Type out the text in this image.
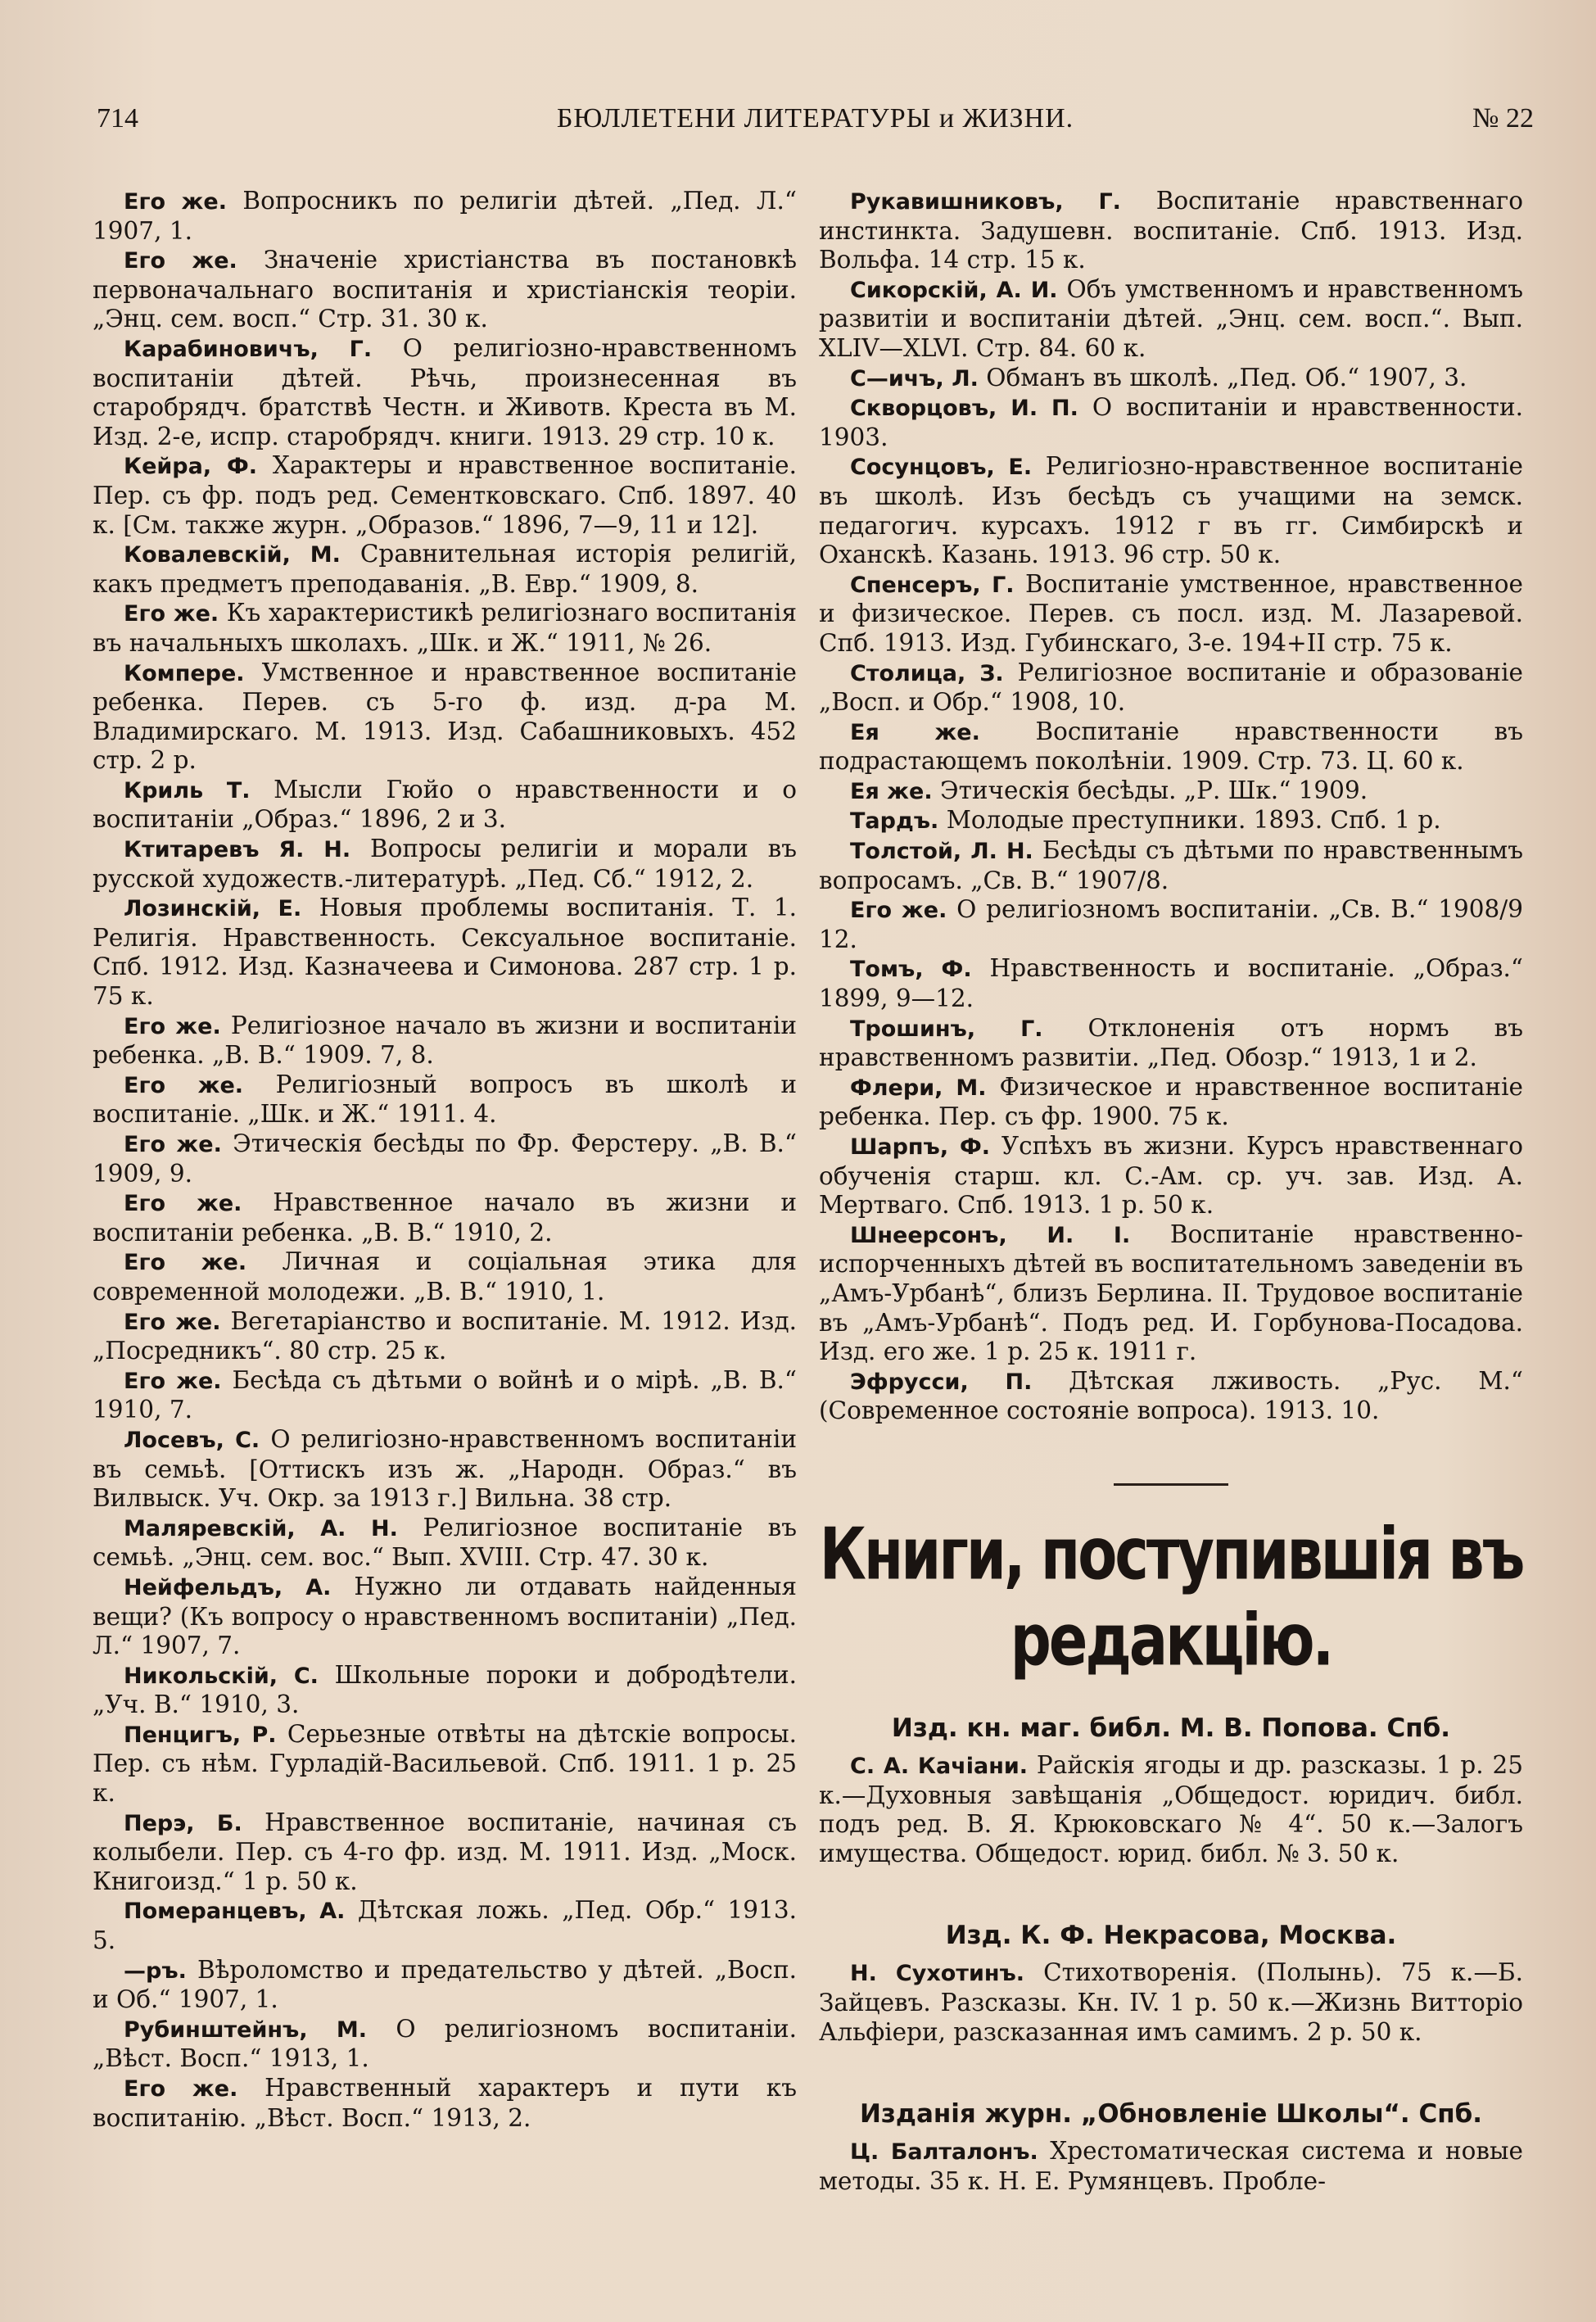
714	БЮЛЛЕТЕНИ ЛИТЕРАТУРЫ и ЖИЗНИ.	№ 22

Его же. Вопросникъ по религіи дѣтей. „Пед. Л.“ 1907, 1.

Его же. Значеніе христіанства въ постановкѣ первоначальнаго воспитанія и христіанскія теоріи. „Энц. сем. восп.“ Стр. 31. 30 к.

Карабиновичъ, Г. О религіозно-нравственномъ воспитаніи дѣтей. Рѣчь, произнесенная въ старобрядч. братствѣ Честн. и Животв. Креста въ М. Изд. 2-е, испр. старобрядч. книги. 1913. 29 стр. 10 к.

Кейра, Ф. Характеры и нравственное воспитаніе. Пер. съ фр. подъ ред. Сементковскаго. Спб. 1897. 40 к. [См. также журн. „Образов.“ 1896, 7—9, 11 и 12].

Ковалевскій, М. Сравнительная исторія религій, какъ предметъ преподаванія. „В. Евр.“ 1909, 8.

Его же. Къ характеристикѣ религіознаго воспитанія въ начальныхъ школахъ. „Шк. и Ж.“ 1911, № 26.

Компере. Умственное и нравственное воспитаніе ребенка. Перев. съ 5-го ф. изд. д-ра М. Владимирскаго. М. 1913. Изд. Сабашниковыхъ. 452 стр. 2 р.

Криль Т. Мысли Гюйо о нравственности и о воспитаніи „Образ.“ 1896, 2 и 3.

Ктитаревъ Я. Н. Вопросы религіи и морали въ русской художеств.-литературѣ. „Пед. Сб.“ 1912, 2.

Лозинскій, Е. Новыя проблемы воспитанія. Т. 1. Религія. Нравственность. Сексуальное воспитаніе. Спб. 1912. Изд. Казначеева и Симонова. 287 стр. 1 р. 75 к.

Его же. Религіозное начало въ жизни и воспитаніи ребенка. „В. В.“ 1909. 7, 8.

Его же. Религіозный вопросъ въ школѣ и воспитаніе. „Шк. и Ж.“ 1911. 4.

Его же. Этическія бесѣды по Фр. Ферстеру. „В. В.“ 1909, 9.

Его же. Нравственное начало въ жизни и воспитаніи ребенка. „В. В.“ 1910, 2.

Его же. Личная и соціальная этика для современной молодежи. „В. В.“ 1910, 1.

Его же. Вегетаріанство и воспитаніе. М. 1912. Изд. „Посредникъ“. 80 стр. 25 к.

Его же. Бесѣда съ дѣтьми о войнѣ и о мірѣ. „В. В.“ 1910, 7.

Лосевъ, С. О религіозно-нравственномъ воспитаніи въ семьѣ. [Оттискъ изъ ж. „Народн. Образ.“ въ Вилвыск. Уч. Окр. за 1913 г.] Вильна. 38 стр.

Маляревскій, А. Н. Религіозное воспитаніе въ семьѣ. „Энц. сем. вос.“ Вып. XVIII. Стр. 47. 30 к.

Нейфельдъ, А. Нужно ли отдавать найденныя вещи? (Къ вопросу о нравственномъ воспитаніи) „Пед. Л.“ 1907, 7.

Никольскій, С. Школьные пороки и добродѣтели. „Уч. В.“ 1910, 3.

Пенцигъ, Р. Серьезные отвѣты на дѣтскіе вопросы. Пер. съ нѣм. Гурладій-Васильевой. Спб. 1911. 1 р. 25 к.

Перэ, Б. Нравственное воспитаніе, начиная съ колыбели. Пер. съ 4-го фр. изд. М. 1911. Изд. „Моск. Книгоизд.“ 1 р. 50 к.

Померанцевъ, А. Дѣтская ложь. „Пед. Обр.“ 1913. 5.

—ръ. Вѣроломство и предательство у дѣтей. „Восп. и Об.“ 1907, 1.

Рубинштейнъ, М. О религіозномъ воспитаніи. „Вѣст. Восп.“ 1913, 1.

Его же. Нравственный характеръ и пути къ воспитанію. „Вѣст. Восп.“ 1913, 2.

Рукавишниковъ, Г. Воспитаніе нравственнаго инстинкта. Задушевн. воспитаніе. Спб. 1913. Изд. Вольфа. 14 стр. 15 к.

Сикорскій, А. И. Объ умственномъ и нравственномъ развитіи и воспитаніи дѣтей. „Энц. сем. восп.“. Вып. XLIV—XLVI. Стр. 84. 60 к.

С—ичъ, Л. Обманъ въ школѣ. „Пед. Об.“ 1907, 3.

Скворцовъ, И. П. О воспитаніи и нравственности. 1903.

Сосунцовъ, Е. Религіозно-нравственное воспитаніе въ школѣ. Изъ бесѣдъ съ учащими на земск. педагогич. курсахъ. 1912 г въ гг. Симбирскѣ и Оханскѣ. Казань. 1913. 96 стр. 50 к.

Спенсеръ, Г. Воспитаніе умственное, нравственное и физическое. Перев. съ посл. изд. М. Лазаревой. Спб. 1913. Изд. Губинскаго, 3-е. 194+II стр. 75 к.

Столица, З. Религіозное воспитаніе и образованіе „Восп. и Обр.“ 1908, 10.

Ея же. Воспитаніе нравственности въ подрастающемъ поколѣніи. 1909. Стр. 73. Ц. 60 к.

Ея же. Этическія бесѣды. „Р. Шк.“ 1909.

Тардъ. Молодые преступники. 1893. Спб. 1 р.

Толстой, Л. Н. Бесѣды съ дѣтьми по нравственнымъ вопросамъ. „Св. В.“ 1907/8.

Его же. О религіозномъ воспитаніи. „Св. В.“ 1908/9 12.

Томъ, Ф. Нравственность и воспитаніе. „Образ.“ 1899, 9—12.

Трошинъ, Г. Отклоненія отъ нормъ въ нравственномъ развитіи. „Пед. Обозр.“ 1913, 1 и 2.

Флери, М. Физическое и нравственное воспитаніе ребенка. Пер. съ фр. 1900. 75 к.

Шарпъ, Ф. Успѣхъ въ жизни. Курсъ нравственнаго обученія старш. кл. С.-Ам. ср. уч. зав. Изд. А. Мертваго. Спб. 1913. 1 р. 50 к.

Шнеерсонъ, И. I. Воспитаніе нравственно-испорченныхъ дѣтей въ воспитательномъ заведеніи въ „Амъ-Урбанѣ“, близъ Берлина. II. Трудовое воспитаніе въ „Амъ-Урбанѣ“. Подъ ред. И. Горбунова-Посадова. Изд. его же. 1 р. 25 к. 1911 г.

Эфрусси, П. Дѣтская лживость. „Рус. М.“ (Современное состояніе вопроса). 1913. 10.

Книги, поступившія въ редакцію.
Изд. кн. маг. библ. М. В. Попова. Спб.

С. А. Качіани. Райскія ягоды и др. разсказы. 1 р. 25 к.—Духовныя завѣщанія „Общедост. юридич. библ. подъ ред. В. Я. Крюковскаго № 4“. 50 к.—Залогъ имущества. Общедост. юрид. библ. № 3. 50 к.

Изд. К. Ф. Некрасова, Москва.

Н. Сухотинъ. Стихотворенія. (Полынь). 75 к.—Б. Зайцевъ. Разсказы. Кн. IV. 1 р. 50 к.—Жизнь Витторіо Альфіери, разсказанная имъ самимъ. 2 р. 50 к.

Изданія журн. „Обновленіе Школы“. Спб.

Ц. Балталонъ. Хрестоматическая система и новые методы. 35 к. Н. Е. Румянцевъ. Пробле-
